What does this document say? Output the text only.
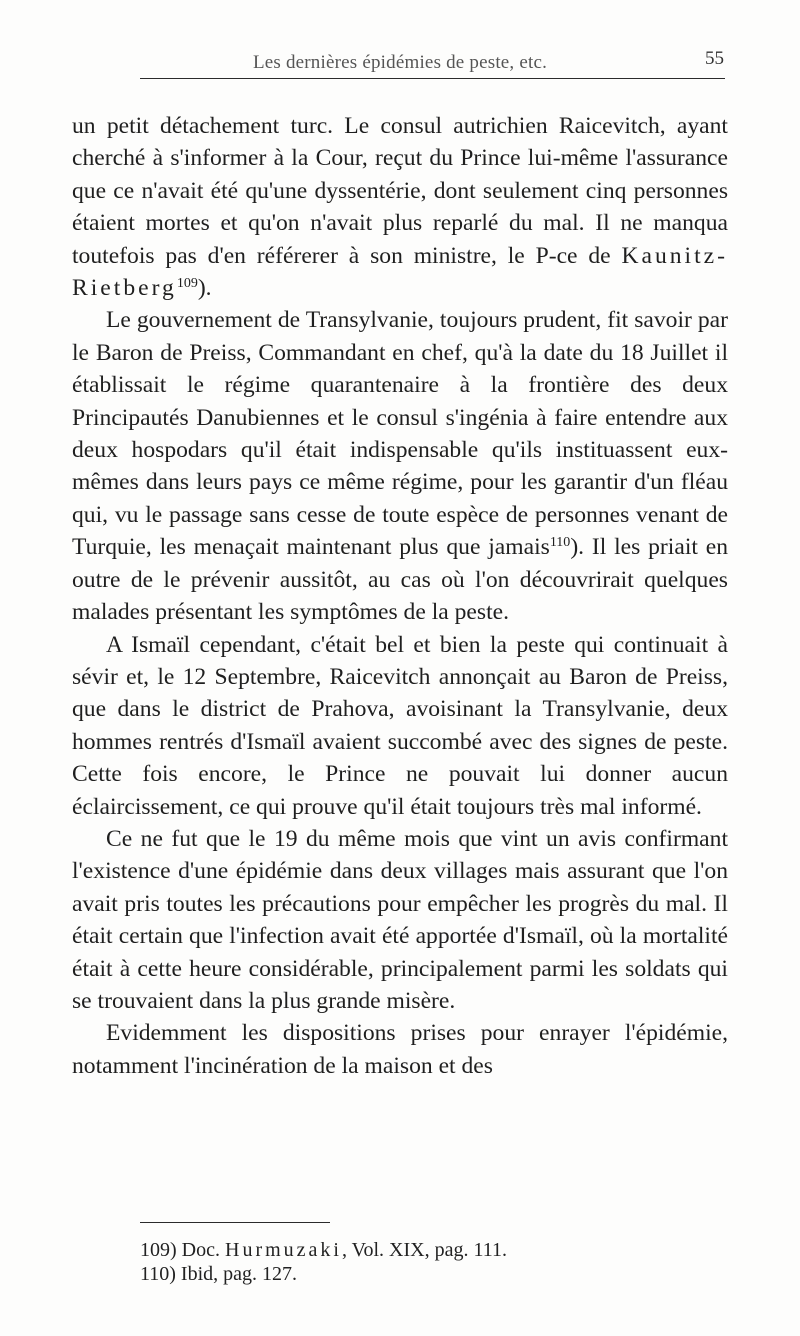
Les dernières épidémies de peste, etc.	55

un petit détachement turc. Le consul autrichien Raicevitch, ayant cherché à s'informer à la Cour, reçut du Prince lui-même l'assurance que ce n'avait été qu'une dyssentérie, dont seulement cinq personnes étaient mortes et qu'on n'avait plus reparlé du mal. Il ne manqua toutefois pas d'en référerer à son ministre, le P-ce de Kaunitz-Rietberg$^{109}$).

Le gouvernement de Transylvanie, toujours prudent, fit savoir par le Baron de Preiss, Commandant en chef, qu'à la date du 18 Juillet il établissait le régime quarantenaire à la frontière des deux Principautés Danubiennes et le consul s'ingénia à faire entendre aux deux hospodars qu'il était indispensable qu'ils instituassent eux-mêmes dans leurs pays ce même régime, pour les garantir d'un fléau qui, vu le passage sans cesse de toute espèce de personnes venant de Turquie, les menaçait maintenant plus que jamais$^{110}$). Il les priait en outre de le prévenir aussitôt, au cas où l'on découvrirait quelques malades présentant les symptômes de la peste.

A Ismaïl cependant, c'était bel et bien la peste qui continuait à sévir et, le 12 Septembre, Raicevitch annonçait au Baron de Preiss, que dans le district de Prahova, avoisinant la Transylvanie, deux hommes rentrés d'Ismaïl avaient succombé avec des signes de peste. Cette fois encore, le Prince ne pouvait lui donner aucun éclaircissement, ce qui prouve qu'il était toujours très mal informé.

Ce ne fut que le 19 du même mois que vint un avis confirmant l'existence d'une épidémie dans deux villages mais assurant que l'on avait pris toutes les précautions pour empêcher les progrès du mal. Il était certain que l'infection avait été apportée d'Ismaïl, où la mortalité était à cette heure considérable, principalement parmi les soldats qui se trouvaient dans la plus grande misère.

Evidemment les dispositions prises pour enrayer l'épidémie, notamment l'incinération de la maison et des

109) Doc. Hurmuzaki, Vol. XIX, pag. 111.
110) Ibid, pag. 127.
